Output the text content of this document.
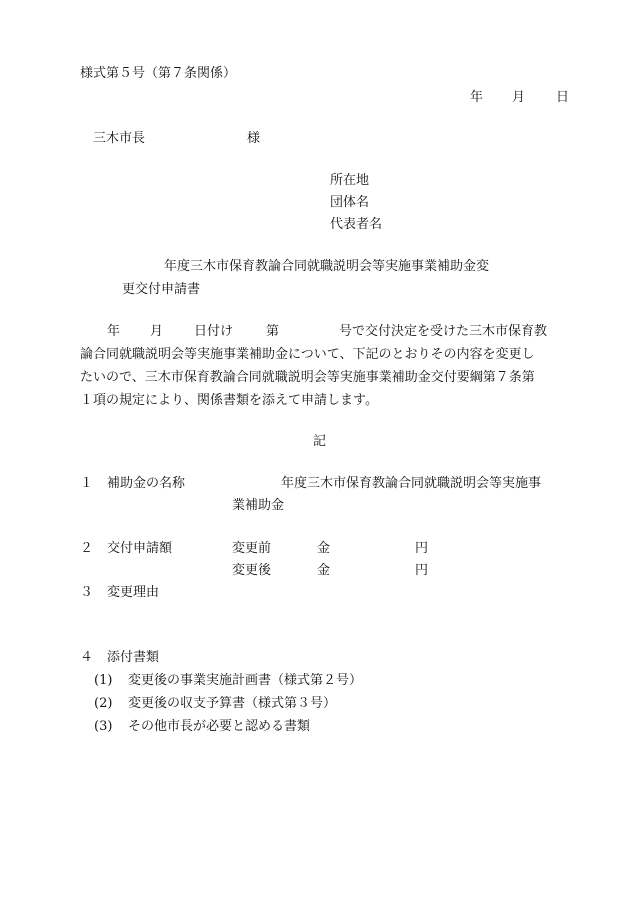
様式第５号（第７条関係）
年 月 日
三木市長	様
所在地
団体名
代表者名
年度三木市保育教論合同就職説明会等実施事業補助金変
更交付申請書
年 月 日付け	第	号で交付決定を受けた三木市保育教
論合同就職説明会等実施事業補助金について、下記のとおりその内容を変更し
たいので、三木市保育教論合同就職説明会等実施事業補助金交付要綱第７条第
１項の規定により、関係書類を添えて申請します。
記
１ 補助金の名称	年度三木市保育教論合同就職説明会等実施事
業補助金
２ 交付申請額	変更前	金	円
変更後	金	円
３ 変更理由
４ 添付書類
(1) 変更後の事業実施計画書（様式第２号）
(2) 変更後の収支予算書（様式第３号）
(3) その他市長が必要と認める書類
